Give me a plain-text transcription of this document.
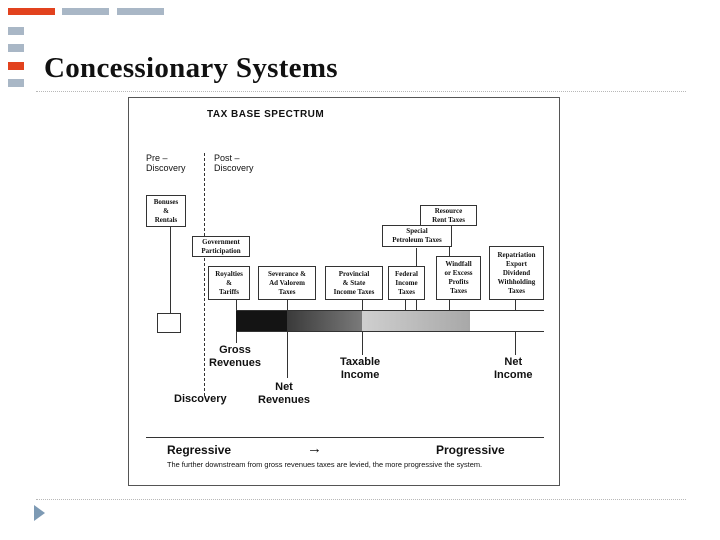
Concessionary Systems
TAX BASE SPECTRUM
Pre –
Discovery
Post –
Discovery
Bonuses
&
Rentals
Government
Participation
Royalties
&
Tariffs
Severance &
Ad Valorem
Taxes
Provincial
& State
Income Taxes
Federal
Income
Taxes
Resource
Rent Taxes
Special
Petroleum Taxes
Windfall
or Excess
Profits
Taxes
Repatriation
Export
Dividend
Withholding
Taxes
Gross
Revenues	Taxable
Income
Net
Income
Discovery
Net
Revenues
Regressive	→	Progressive
The further downstream from gross revenues taxes are levied, the more progressive the system.
